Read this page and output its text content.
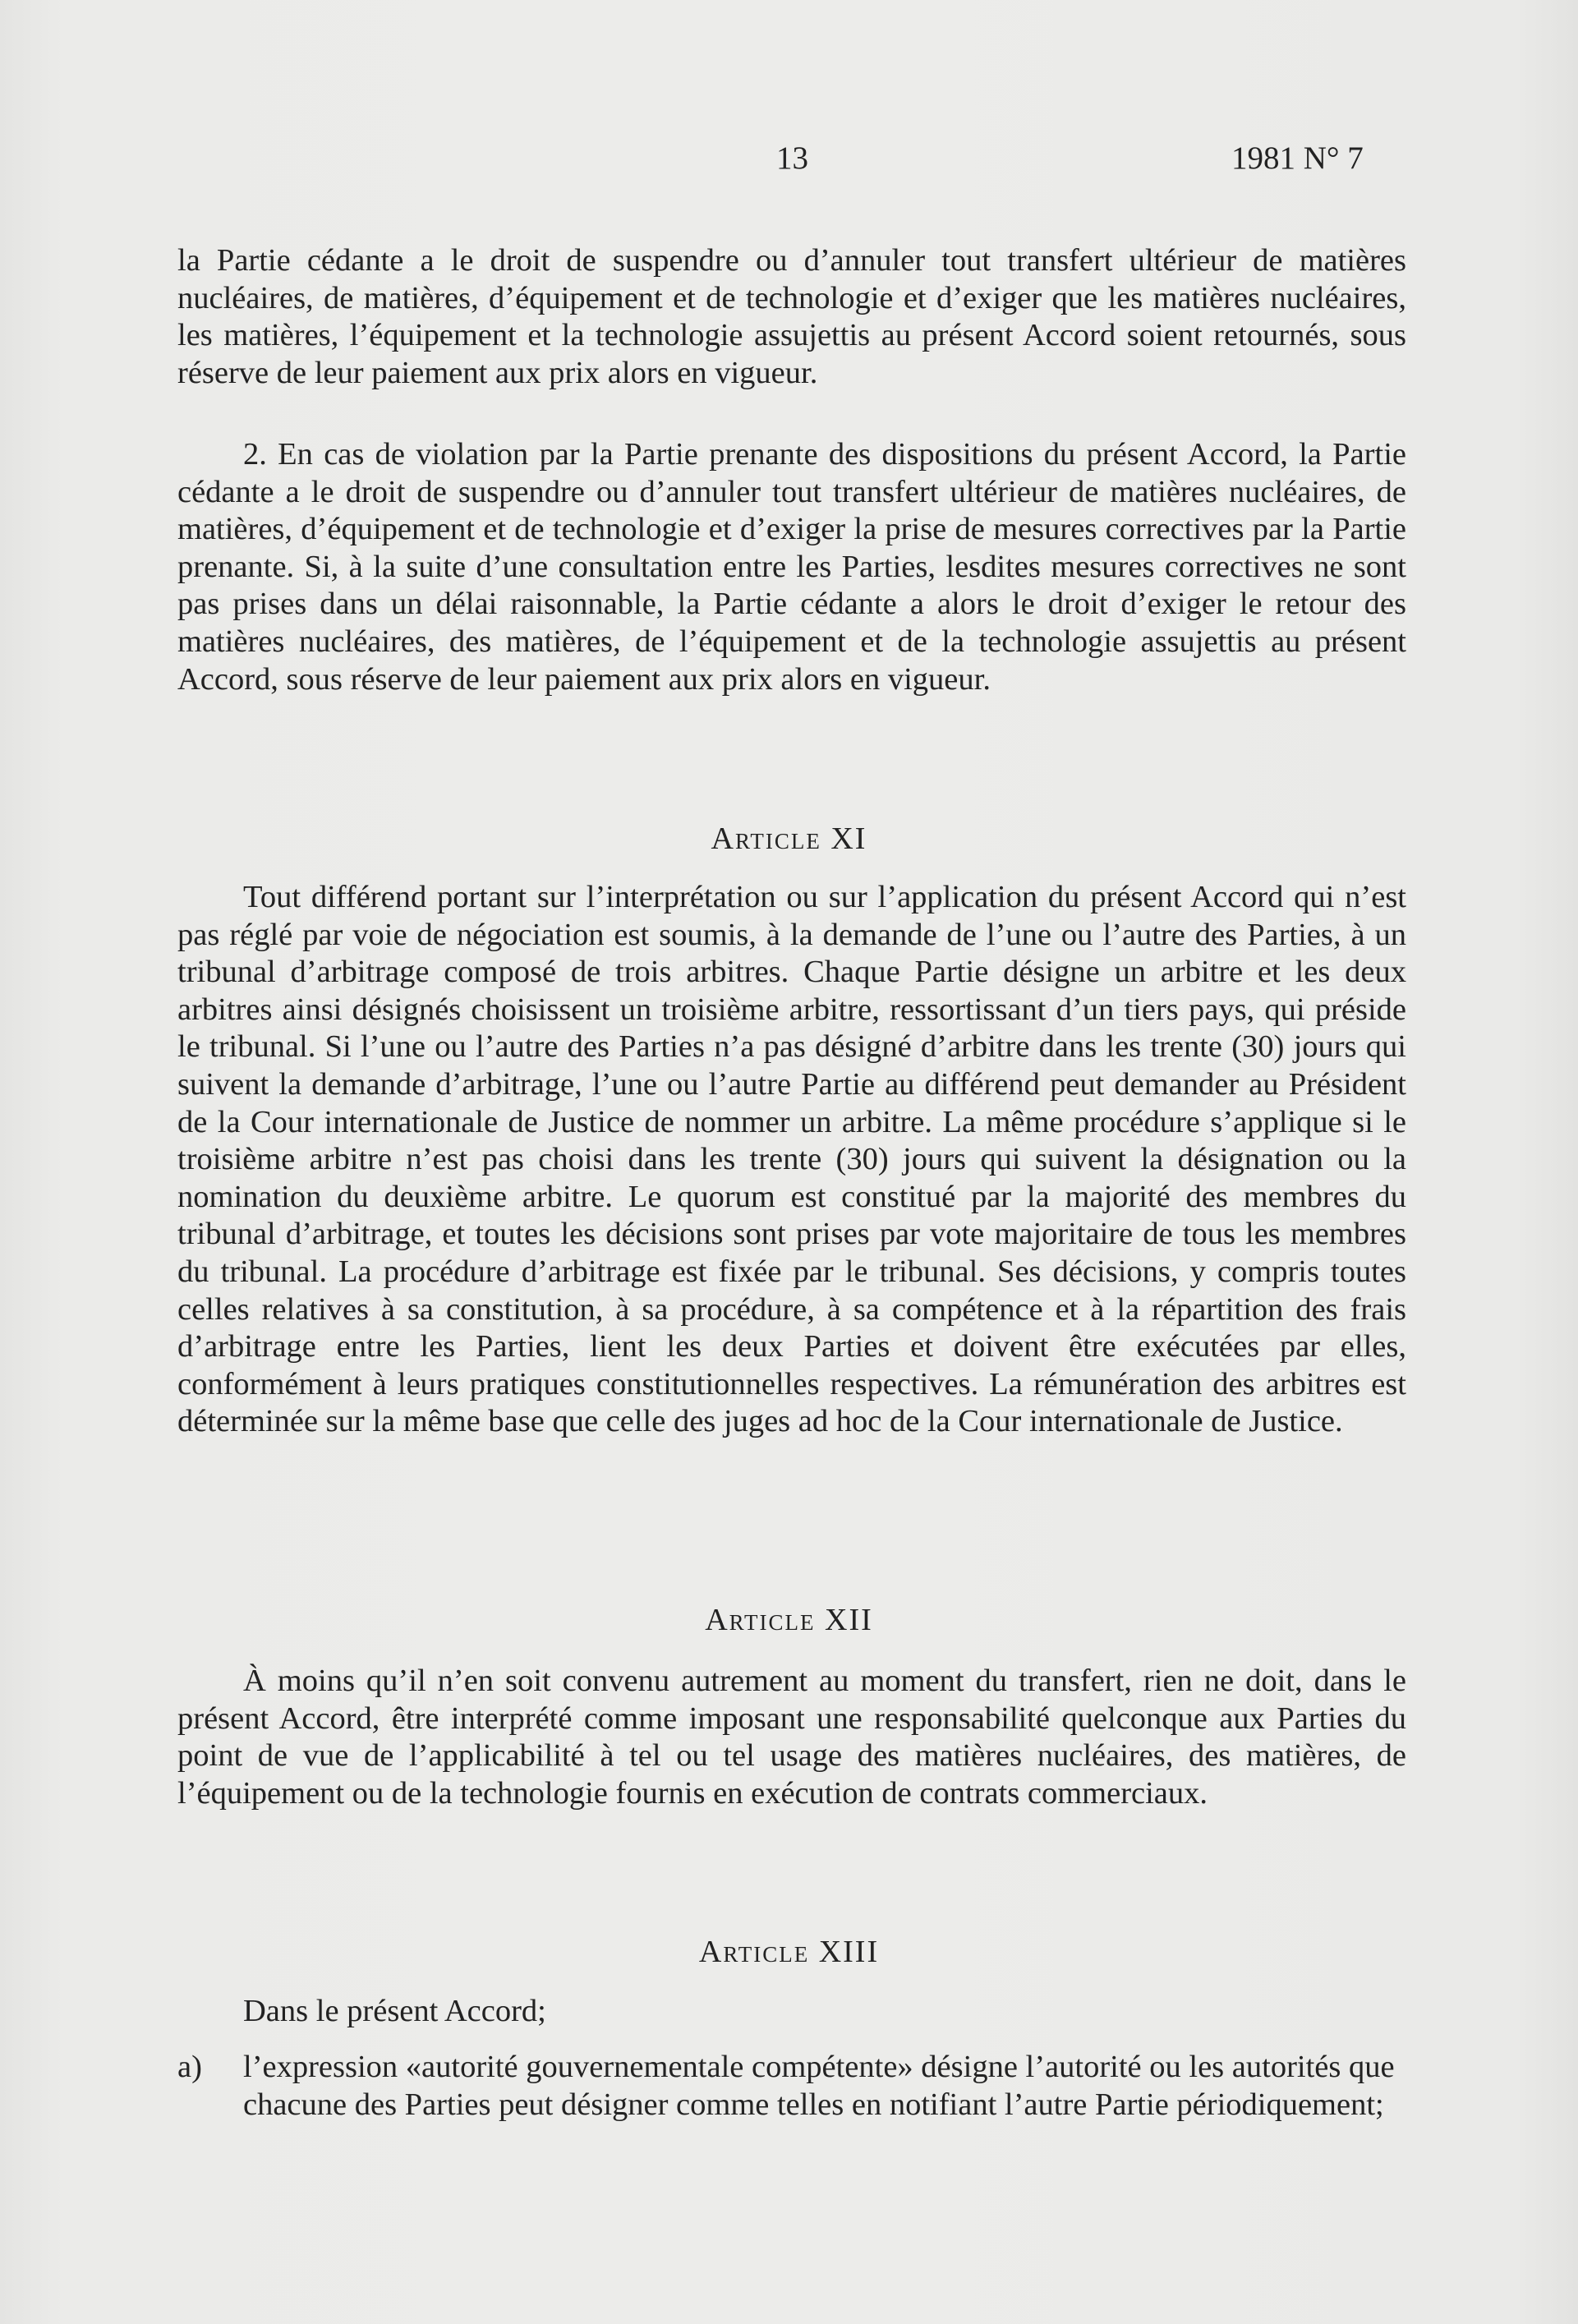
13	1981 N° 7

la Partie cédante a le droit de suspendre ou d’annuler tout transfert ultérieur de matières nucléaires, de matières, d’équipement et de technologie et d’exiger que les matières nucléaires, les matières, l’équipement et la technologie assujettis au présent Accord soient retournés, sous réserve de leur paiement aux prix alors en vigueur.

2. En cas de violation par la Partie prenante des dispositions du présent Accord, la Partie cédante a le droit de suspendre ou d’annuler tout transfert ultérieur de matières nucléaires, de matières, d’équipement et de technologie et d’exiger la prise de mesures correctives par la Partie prenante. Si, à la suite d’une consultation entre les Parties, lesdites mesures correctives ne sont pas prises dans un délai raisonnable, la Partie cédante a alors le droit d’exiger le retour des matières nucléaires, des matières, de l’équipement et de la technologie assujettis au présent Accord, sous réserve de leur paiement aux prix alors en vigueur.

Article XI

Tout différend portant sur l’interprétation ou sur l’application du présent Accord qui n’est pas réglé par voie de négociation est soumis, à la demande de l’une ou l’autre des Parties, à un tribunal d’arbitrage composé de trois arbitres. Chaque Partie désigne un arbitre et les deux arbitres ainsi désignés choisissent un troisième arbitre, ressortissant d’un tiers pays, qui préside le tribunal. Si l’une ou l’autre des Parties n’a pas désigné d’arbitre dans les trente (30) jours qui suivent la demande d’arbitrage, l’une ou l’autre Partie au différend peut demander au Président de la Cour internationale de Justice de nommer un arbitre. La même procédure s’applique si le troisième arbitre n’est pas choisi dans les trente (30) jours qui suivent la désignation ou la nomination du deuxième arbitre. Le quorum est constitué par la majorité des membres du tribunal d’arbitrage, et toutes les décisions sont prises par vote majoritaire de tous les membres du tribunal. La procédure d’arbitrage est fixée par le tribunal. Ses décisions, y compris toutes celles relatives à sa constitution, à sa procédure, à sa compétence et à la répartition des frais d’arbitrage entre les Parties, lient les deux Parties et doivent être exécutées par elles, conformément à leurs pratiques constitutionnelles respectives. La rémunération des arbitres est déterminée sur la même base que celle des juges ad hoc de la Cour internationale de Justice.

Article XII

À moins qu’il n’en soit convenu autrement au moment du transfert, rien ne doit, dans le présent Accord, être interprété comme imposant une responsabilité quelconque aux Parties du point de vue de l’applicabilité à tel ou tel usage des matières nucléaires, des matières, de l’équipement ou de la technologie fournis en exécution de contrats commerciaux.

Article XIII

Dans le présent Accord;

a) l’expression «autorité gouvernementale compétente» désigne l’autorité ou les autorités que chacune des Parties peut désigner comme telles en notifiant l’autre Partie périodiquement;
